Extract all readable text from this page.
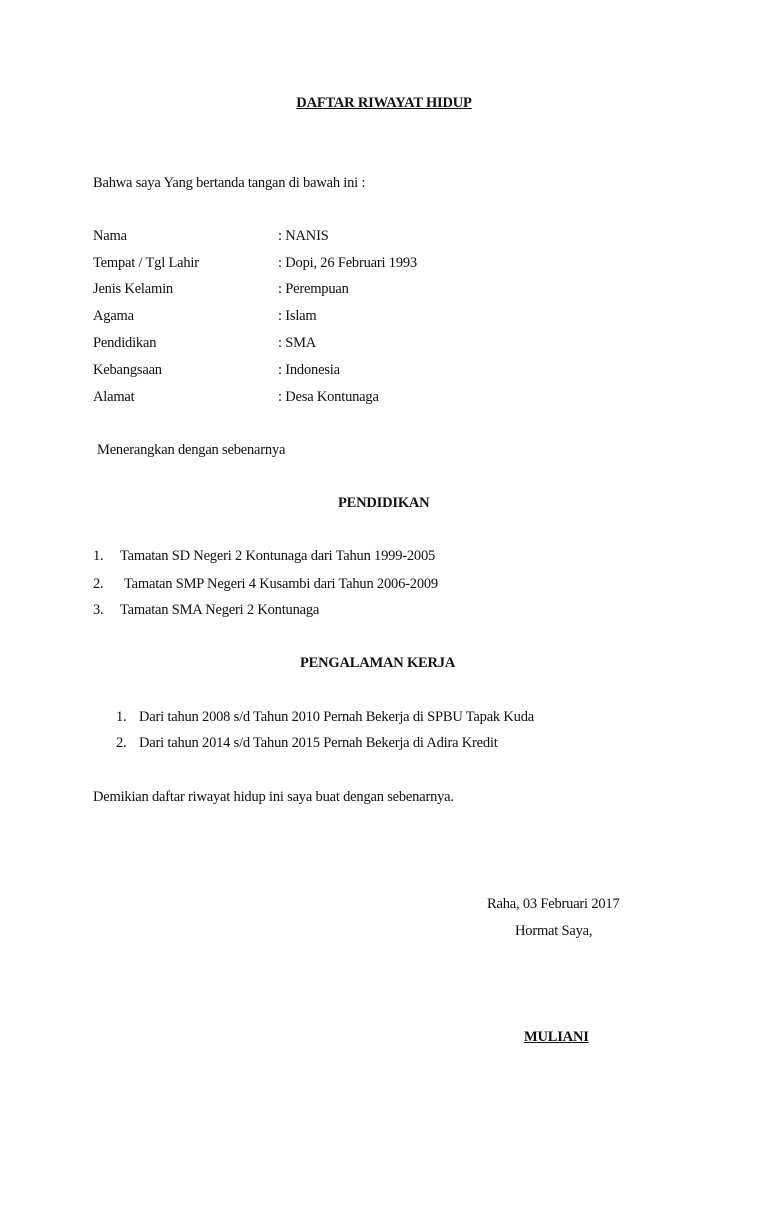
DAFTAR RIWAYAT HIDUP
Bahwa saya Yang bertanda tangan di bawah ini :
Nama	: NANIS
Tempat / Tgl Lahir	: Dopi, 26 Februari 1993
Jenis Kelamin	: Perempuan
Agama	: Islam
Pendidikan	: SMA
Kebangsaan	: Indonesia
Alamat	: Desa Kontunaga
Menerangkan dengan sebenarnya
PENDIDIKAN
1. Tamatan SD Negeri 2 Kontunaga dari Tahun 1999-2005
2. Tamatan SMP Negeri 4 Kusambi dari Tahun 2006-2009
3. Tamatan SMA Negeri 2 Kontunaga
PENGALAMAN KERJA
1. Dari tahun 2008 s/d Tahun 2010 Pernah Bekerja di SPBU Tapak Kuda
2. Dari tahun 2014 s/d Tahun 2015 Pernah Bekerja di Adira Kredit
Demikian daftar riwayat hidup ini saya buat dengan sebenarnya.
Raha, 03 Februari 2017
Hormat Saya,
MULIANI
